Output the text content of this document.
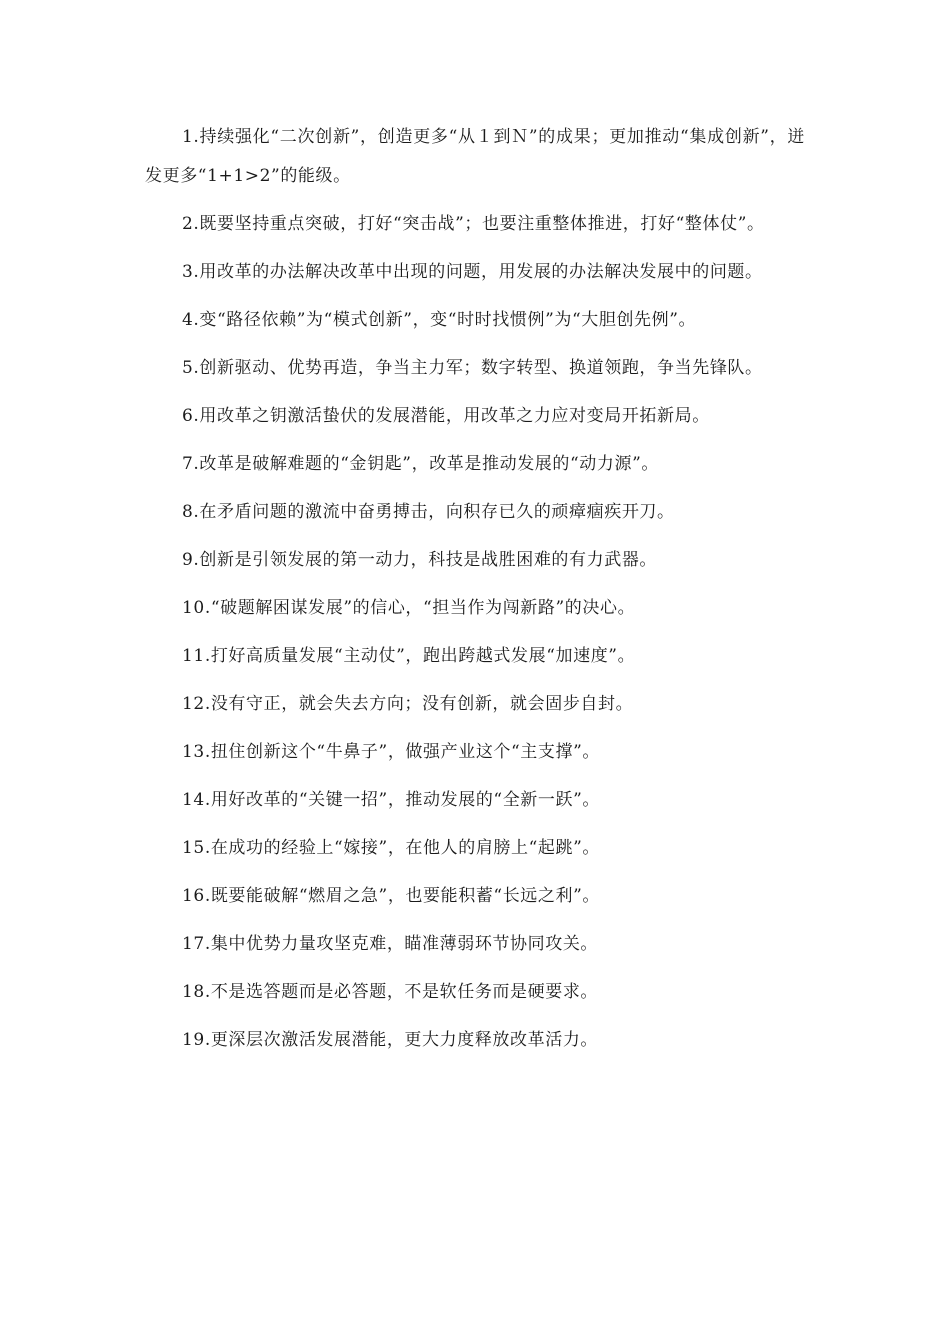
1.持续强化“二次创新”，创造更多“从１到Ｎ”的成果；更加推动“集成创新”，迸发更多“1+1>2”的能级。

2.既要坚持重点突破，打好“突击战”；也要注重整体推进，打好“整体仗”。

3.用改革的办法解决改革中出现的问题，用发展的办法解决发展中的问题。

4.变“路径依赖”为“模式创新”，变“时时找惯例”为“大胆创先例”。

5.创新驱动、优势再造，争当主力军；数字转型、换道领跑，争当先锋队。

6.用改革之钥激活蛰伏的发展潜能，用改革之力应对变局开拓新局。

7.改革是破解难题的“金钥匙”，改革是推动发展的“动力源”。

8.在矛盾问题的激流中奋勇搏击，向积存已久的顽瘴痼疾开刀。

9.创新是引领发展的第一动力，科技是战胜困难的有力武器。

10.“破题解困谋发展”的信心，“担当作为闯新路”的决心。

11.打好高质量发展“主动仗”，跑出跨越式发展“加速度”。

12.没有守正，就会失去方向；没有创新，就会固步自封。

13.扭住创新这个“牛鼻子”，做强产业这个“主支撑”。

14.用好改革的“关键一招”，推动发展的“全新一跃”。

15.在成功的经验上“嫁接”，在他人的肩膀上“起跳”。

16.既要能破解“燃眉之急”，也要能积蓄“长远之利”。

17.集中优势力量攻坚克难，瞄准薄弱环节协同攻关。

18.不是选答题而是必答题，不是软任务而是硬要求。

19.更深层次激活发展潜能，更大力度释放改革活力。
